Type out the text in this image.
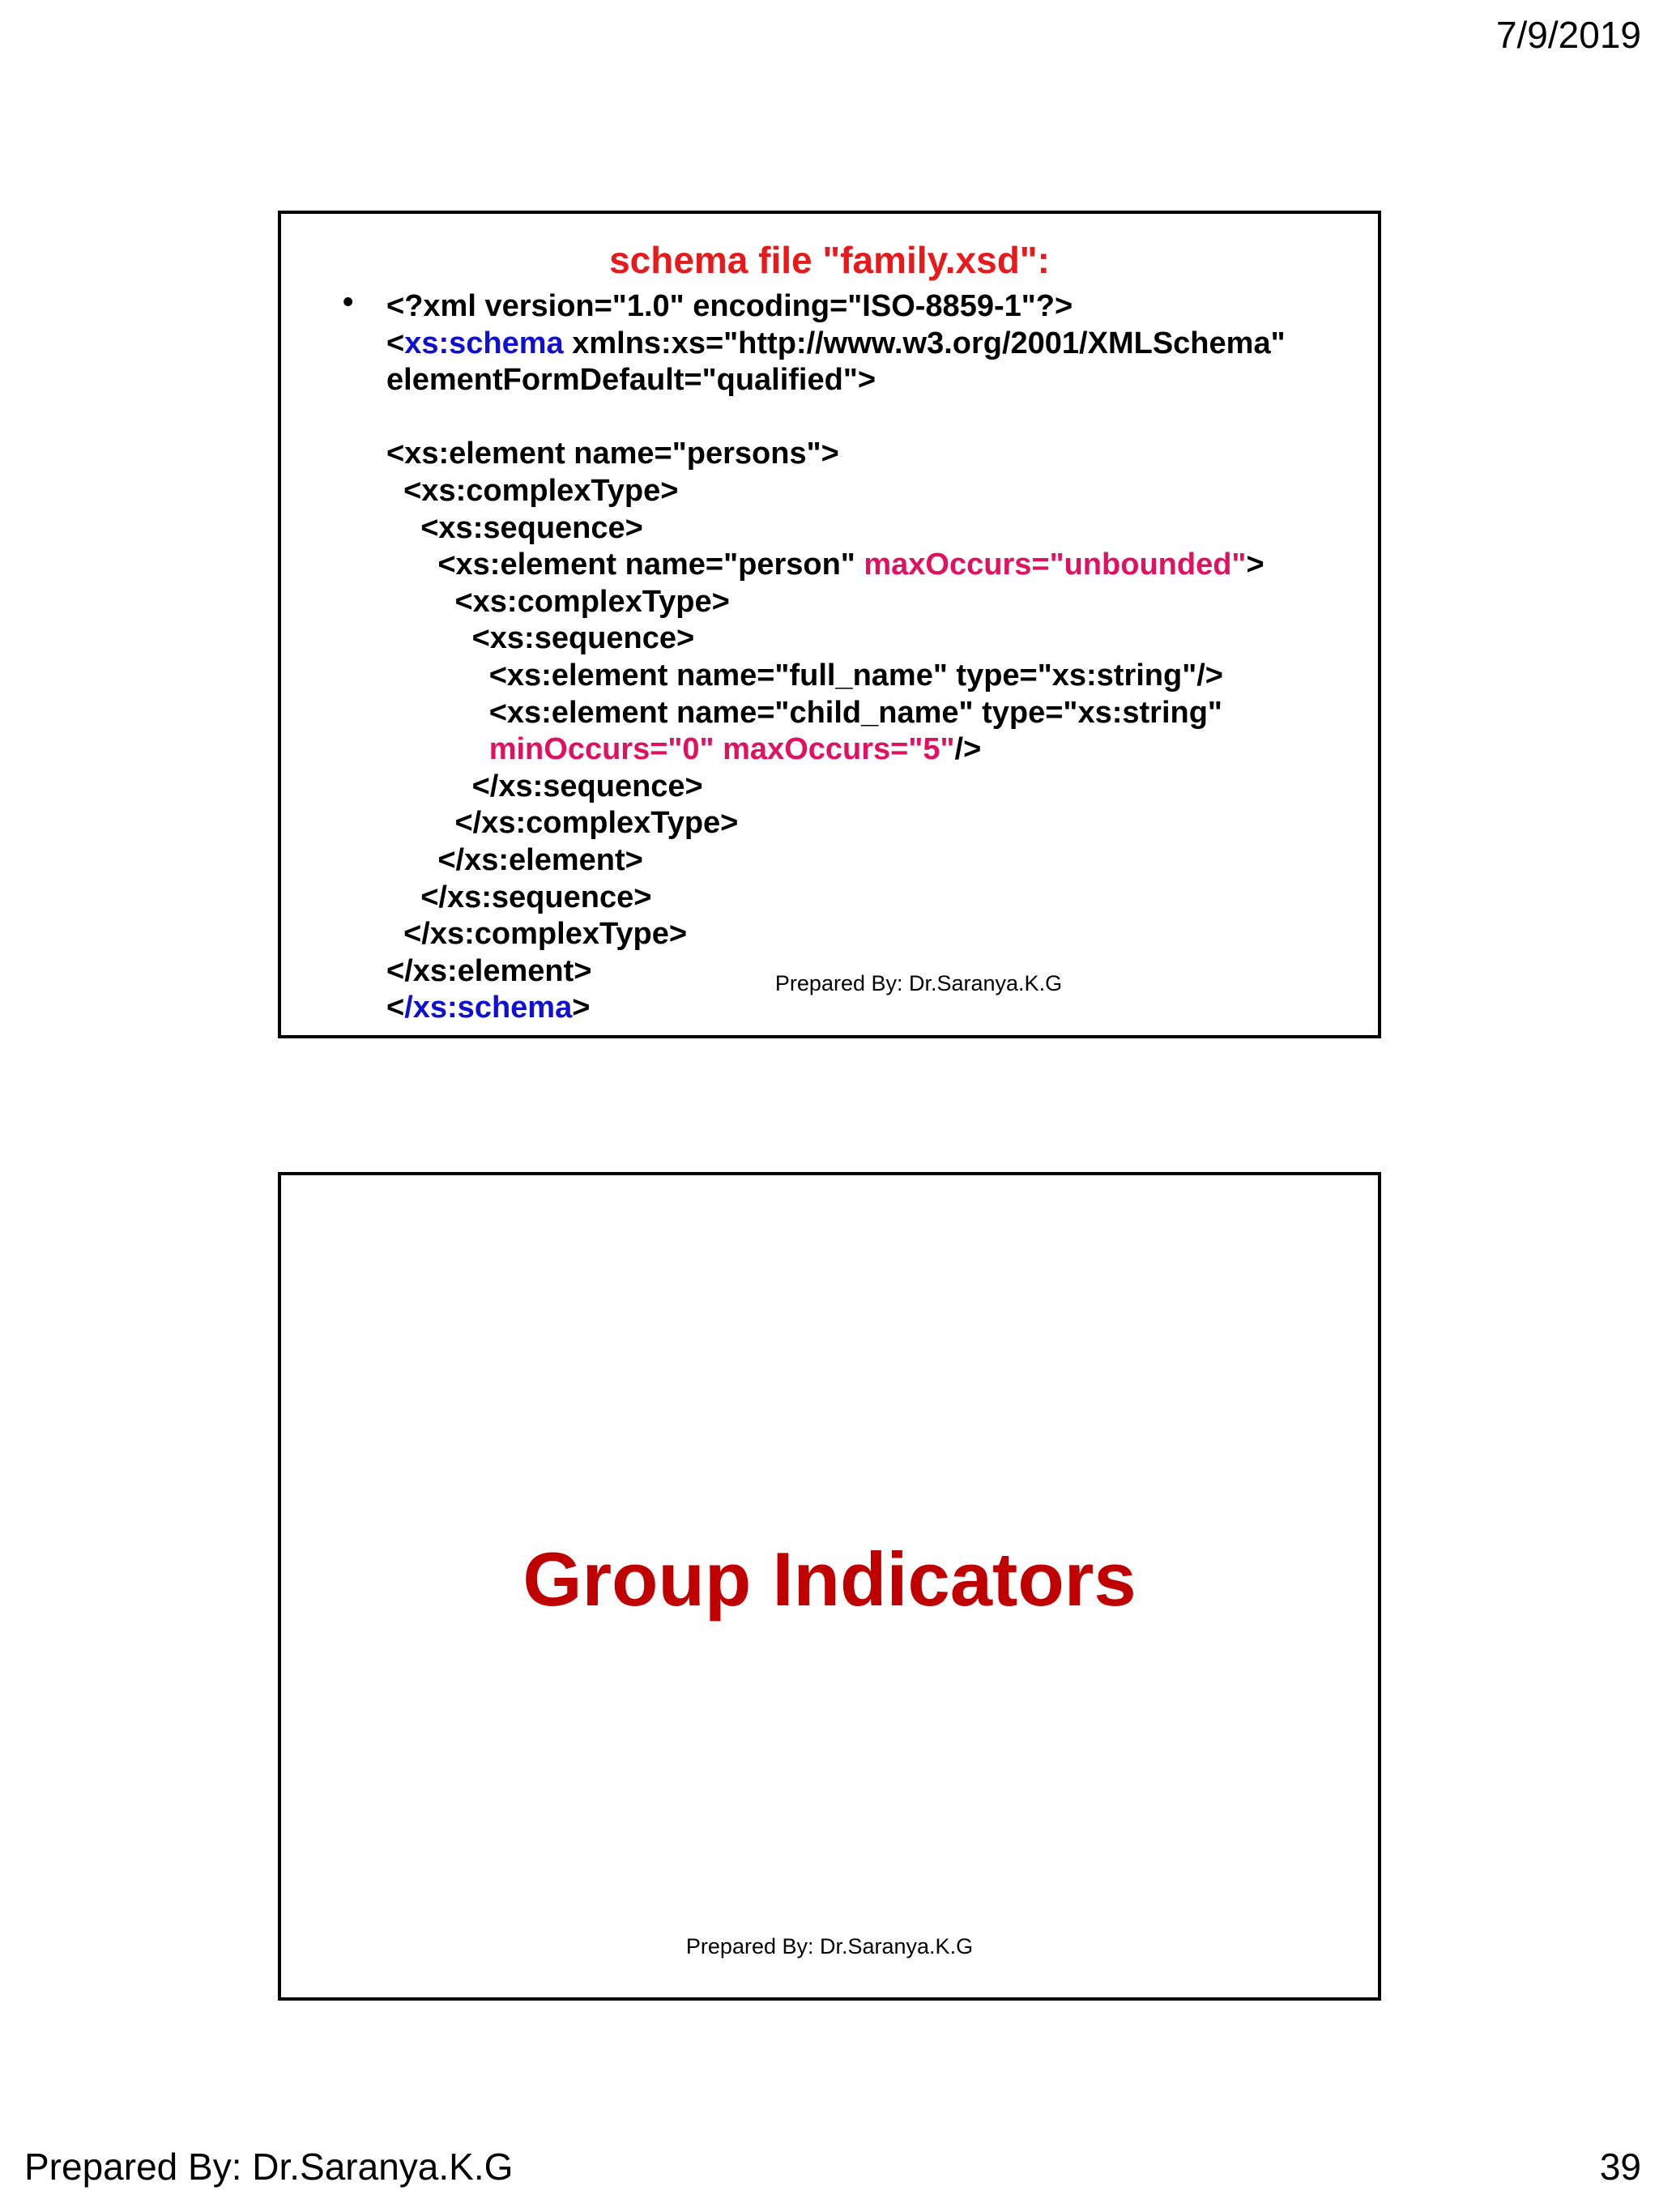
7/9/2019
schema file "family.xsd":
• <?xml version="1.0" encoding="ISO-8859-1"?>
<xs:schema xmlns:xs="http://www.w3.org/2001/XMLSchema"
elementFormDefault="qualified">
<xs:element name="persons">
<xs:complexType>
<xs:sequence>
<xs:element name="person" maxOccurs="unbounded">
<xs:complexType>
<xs:sequence>
<xs:element name="full_name" type="xs:string"/>
<xs:element name="child_name" type="xs:string"
minOccurs="0" maxOccurs="5"/>
</xs:sequence>
</xs:complexType>
</xs:element>
</xs:sequence>
</xs:complexType>
</xs:element>
</xs:schema>
Prepared By: Dr.Saranya.K.G
Group Indicators
Prepared By: Dr.Saranya.K.G
Prepared By: Dr.Saranya.K.G	39
